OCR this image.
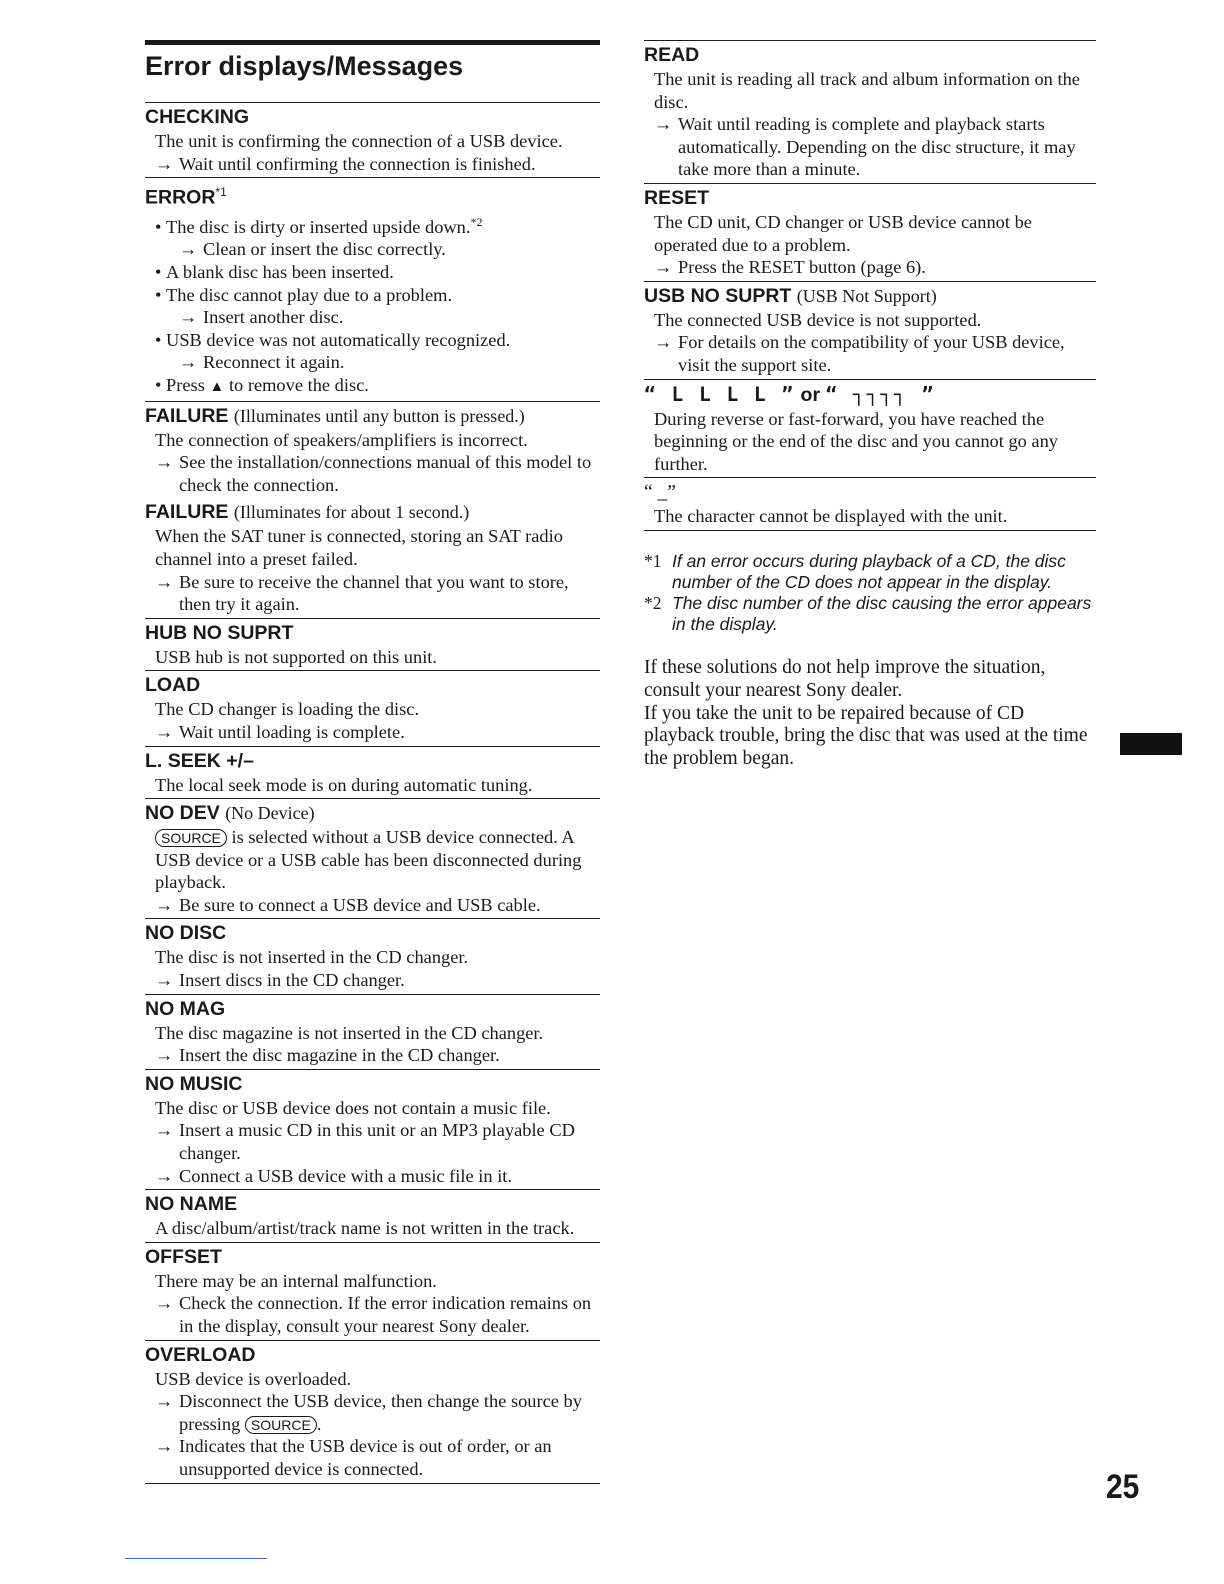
Error displays/Messages
CHECKING
The unit is confirming the connection of a USB device.
→ Wait until confirming the connection is finished.
ERROR$^{*1}$
• The disc is dirty or inserted upside down.$^{*2}$
→ Clean or insert the disc correctly.
• A blank disc has been inserted.
• The disc cannot play due to a problem.
→ Insert another disc.
• USB device was not automatically recognized.
→ Reconnect it again.
• Press ▲ to remove the disc.
FAILURE (Illuminates until any button is pressed.)
The connection of speakers/amplifiers is incorrect.
→ See the installation/connections manual of this model to check the connection.
FAILURE (Illuminates for about 1 second.)
When the SAT tuner is connected, storing an SAT radio channel into a preset failed.
→ Be sure to receive the channel that you want to store, then try it again.
HUB NO SUPRT
USB hub is not supported on this unit.
LOAD
The CD changer is loading the disc.
→ Wait until loading is complete.
L. SEEK +/–
The local seek mode is on during automatic tuning.
NO DEV (No Device)
SOURCE is selected without a USB device connected. A USB device or a USB cable has been disconnected during playback.
→ Be sure to connect a USB device and USB cable.
NO DISC
The disc is not inserted in the CD changer.
→ Insert discs in the CD changer.
NO MAG
The disc magazine is not inserted in the CD changer.
→ Insert the disc magazine in the CD changer.
NO MUSIC
The disc or USB device does not contain a music file.
→ Insert a music CD in this unit or an MP3 playable CD changer.
→ Connect a USB device with a music file in it.
NO NAME
A disc/album/artist/track name is not written in the track.
OFFSET
There may be an internal malfunction.
→ Check the connection. If the error indication remains on in the display, consult your nearest Sony dealer.
OVERLOAD
USB device is overloaded.
→ Disconnect the USB device, then change the source by pressing SOURCE .
→ Indicates that the USB device is out of order, or an unsupported device is connected.
READ
The unit is reading all track and album information on the disc.
→ Wait until reading is complete and playback starts automatically. Depending on the disc structure, it may take more than a minute.
RESET
The CD unit, CD changer or USB device cannot be operated due to a problem.
→ Press the RESET button (page 6).
USB NO SUPRT (USB Not Support)
The connected USB device is not supported.
→ For details on the compatibility of your USB device, visit the support site.
“ L L L L ” or “ ┐┐┐┐ ”
During reverse or fast-forward, you have reached the beginning or the end of the disc and you cannot go any further.
“ _”
The character cannot be displayed with the unit.
*1 If an error occurs during playback of a CD, the disc number of the CD does not appear in the display.
*2 The disc number of the disc causing the error appears in the display.
If these solutions do not help improve the situation, consult your nearest Sony dealer.
If you take the unit to be repaired because of CD playback trouble, bring the disc that was used at the time the problem began.
25
